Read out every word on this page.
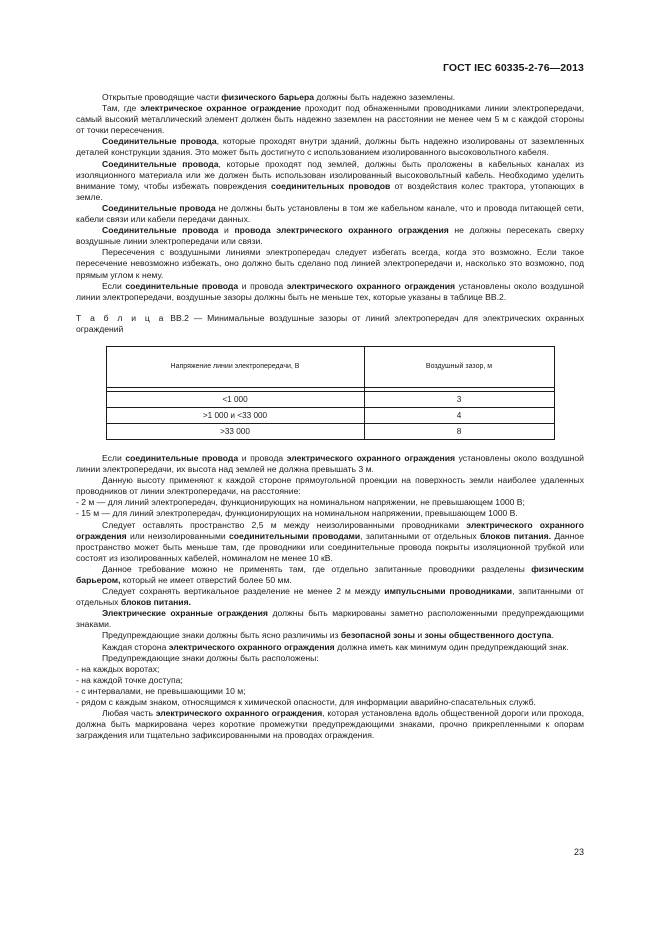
ГОСТ IEC 60335-2-76—2013

Открытые проводящие части физического барьера должны быть надежно заземлены.

Там, где электрическое охранное ограждение проходит под обнаженными проводниками линии электропередачи, самый высокий металлический элемент должен быть надежно заземлен на расстоянии не менее чем 5 м с каждой стороны от точки пересечения.

Соединительные провода, которые проходят внутри зданий, должны быть надежно изолированы от заземленных деталей конструкции здания. Это может быть достигнуто с использованием изолированного высоковольтного кабеля.

Соединительные провода, которые проходят под землей, должны быть проложены в кабельных каналах из изоляционного материала или же должен быть использован изолированный высоковольтный кабель. Необходимо уделить внимание тому, чтобы избежать повреждения соединительных проводов от воздействия колес трактора, утопающих в земле.

Соединительные провода не должны быть установлены в том же кабельном канале, что и провода питающей сети, кабели связи или кабели передачи данных.

Соединительные провода и провода электрического охранного ограждения не должны пересекать сверху воздушные линии электропередачи или связи.

Пересечения с воздушными линиями электропередач следует избегать всегда, когда это возможно. Если такое пересечение невозможно избежать, оно должно быть сделано под линией электропередачи и, насколько это возможно, под прямым углом к нему.

Если соединительные провода и провода электрического охранного ограждения установлены около воздушной линии электропередачи, воздушные зазоры должны быть не меньше тех, которые указаны в таблице ВВ.2.

Т а б л и ц а ВВ.2 — Минимальные воздушные зазоры от линий электропередач для электрических охранных ограждений

Напряжение линии электропередачи, В	Воздушный зазор, м

<1 000	3
>1 000 и <33 000	4
>33 000	8

Если соединительные провода и провода электрического охранного ограждения установлены около воздушной линии электропередачи, их высота над землей не должна превышать 3 м.

Данную высоту применяют к каждой стороне прямоугольной проекции на поверхность земли наиболее удаленных проводников от линии электропередачи, на расстояние:

- 2 м — для линий электропередач, функционирующих на номинальном напряжении, не превышающем 1000 В;

- 15 м — для линий электропередач, функционирующих на номинальном напряжении, превышающем 1000 В.

Следует оставлять пространство 2,5 м между неизолированными проводниками электрического охранного ограждения или неизолированными соединительными проводами, запитанными от отдельных блоков питания. Данное пространство может быть меньше там, где проводники или соединительные провода покрыты изоляционной трубкой или состоят из изолированных кабелей, номиналом не менее 10 кВ.

Данное требование можно не применять там, где отдельно запитанные проводники разделены физическим барьером, который не имеет отверстий более 50 мм.

Следует сохранять вертикальное разделение не менее 2 м между импульсными проводниками, запитанными от отдельных блоков питания.

Электрические охранные ограждения должны быть маркированы заметно расположенными предупреждающими знаками.

Предупреждающие знаки должны быть ясно различимы из безопасной зоны и зоны общественного доступа.

Каждая сторона электрического охранного ограждения должна иметь как минимум один предупреждающий знак.

Предупреждающие знаки должны быть расположены:

- на каждых воротах;

- на каждой точке доступа;

- с интервалами, не превышающими 10 м;

- рядом с каждым знаком, относящимся к химической опасности, для информации аварийно-спасательных служб.

Любая часть электрического охранного ограждения, которая установлена вдоль общественной дороги или прохода, должна быть маркирована через короткие промежутки предупреждающими знаками, прочно прикрепленными к опорам заграждения или тщательно зафиксированными на проводах ограждения.

23
